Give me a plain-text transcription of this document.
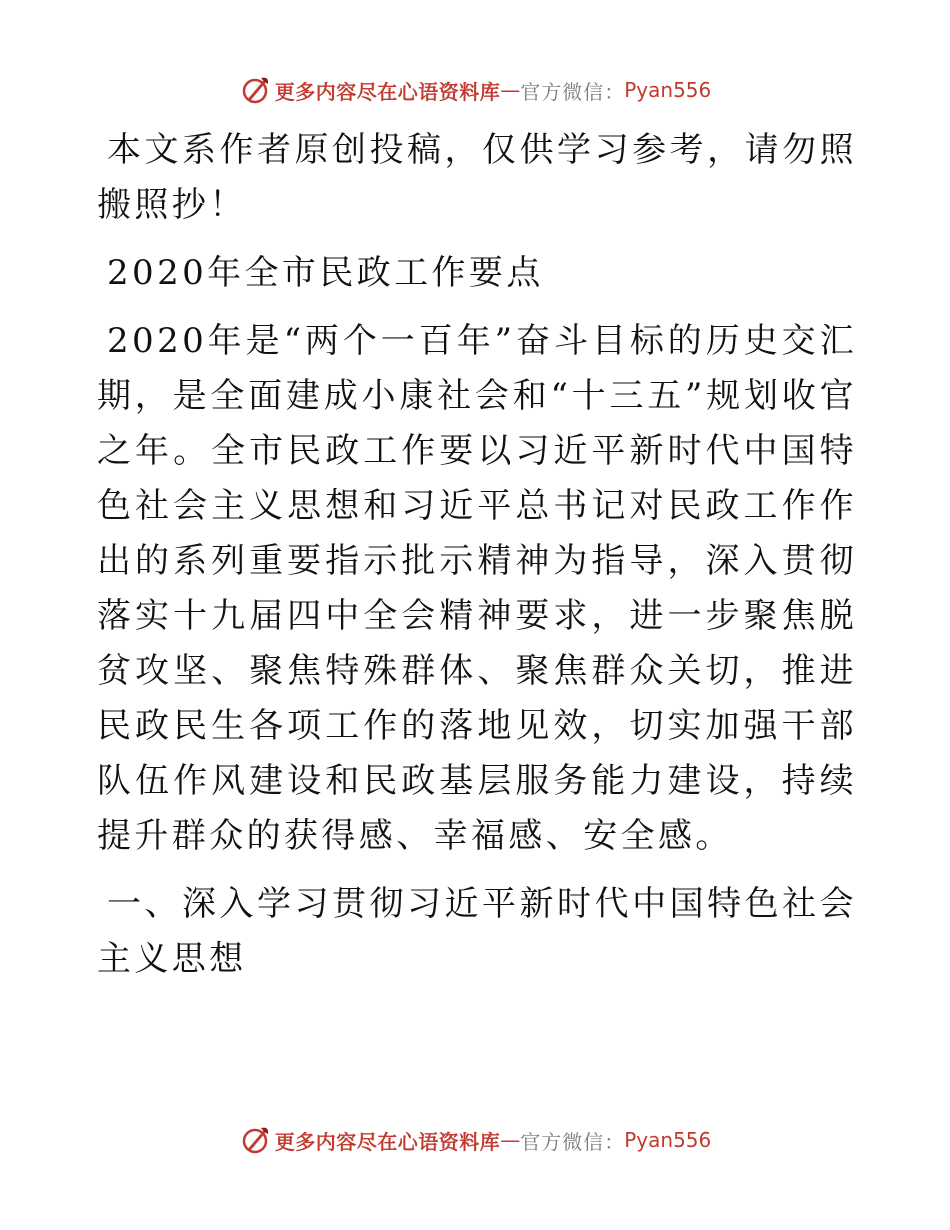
更多内容尽在心语资料库 — 官方微信 ： Pyan556

本文系作者原创投稿，仅供学习参考，请勿照搬照抄！

2020年全市民政工作要点

2020年是“两个一百年”奋斗目标的历史交汇期，是全面建成小康社会和“十三五”规划收官之年。全市民政工作要以习近平新时代中国特色社会主义思想和习近平总书记对民政工作作出的系列重要指示批示精神为指导，深入贯彻落实十九届四中全会精神要求，进一步聚焦脱贫攻坚、聚焦特殊群体、聚焦群众关切，推进民政民生各项工作的落地见效，切实加强干部队伍作风建设和民政基层服务能力建设，持续提升群众的获得感、幸福感、安全感。

一、深入学习贯彻习近平新时代中国特色社会主义思想

更多内容尽在心语资料库 — 官方微信 ： Pyan556
